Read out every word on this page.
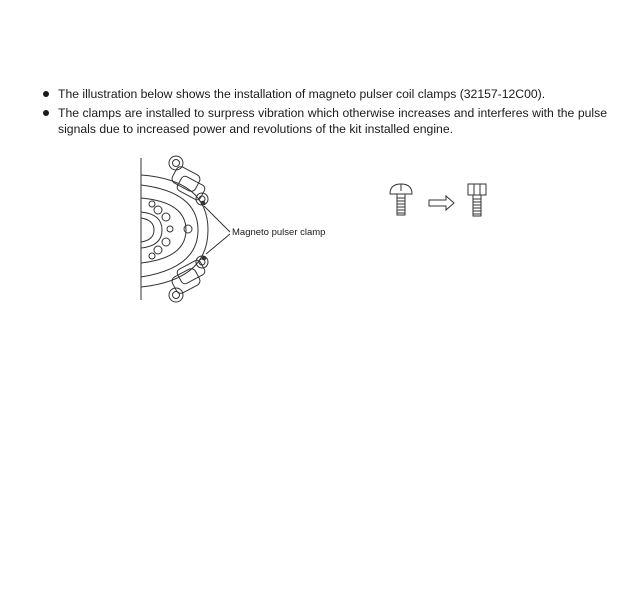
The illustration below shows the installation of magneto pulser coil clamps (32157-12C00).
The clamps are installed to surpress vibration which otherwise increases and interferes with the pulse signals due to increased power and revolutions of the kit installed engine.
Magneto pulser clamp
